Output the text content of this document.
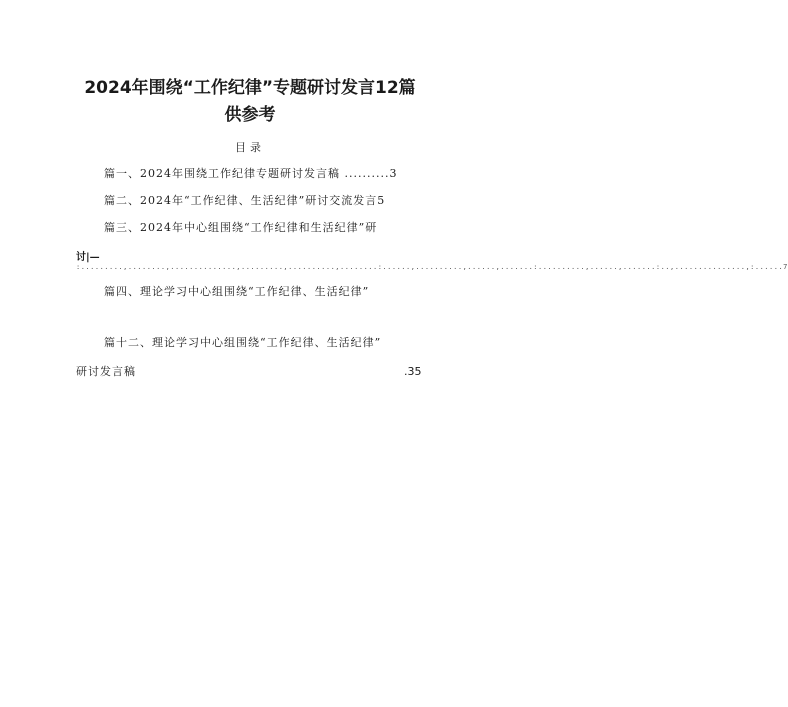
2024年围绕“工作纪律”专题研讨发言12篇
供参考
目录
篇一、2024年围绕工作纪律专题研讨发言稿 ..........3
篇二、2024年“工作纪律、生活纪律”研讨交流发言5
篇三、2024年中心组围绕“工作纪律和生活纪律”研
讨|—
:.........,........,..............,.........,..........,........:......,..........,......,.......:..........,......,.......:..,...............,:......7
篇四、理论学习中心组围绕“工作纪律、生活纪律”
篇十二、理论学习中心组围绕“工作纪律、生活纪律”
研讨发言稿	.35
